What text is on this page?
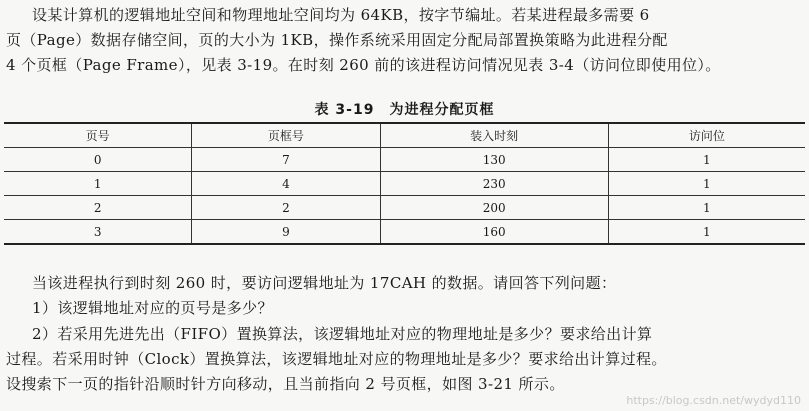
设某计算机的逻辑地址空间和物理地址空间均为 64KB，按字节编址。若某进程最多需要 6

页（Page）数据存储空间，页的大小为 1KB，操作系统采用固定分配局部置换策略为此进程分配

4 个页框（Page Frame），见表 3-19。在时刻 260 前的该进程访问情况见表 3-4（访问位即使用位）。

表 3-19　为进程分配页框
页号	页框号	装入时刻	访问位
0	7	130	1
1	4	230	1
2	2	200	1
3	9	160	1

当该进程执行到时刻 260 时，要访问逻辑地址为 17CAH 的数据。请回答下列问题：

1）该逻辑地址对应的页号是多少？

2）若采用先进先出（FIFO）置换算法，该逻辑地址对应的物理地址是多少？要求给出计算

过程。若采用时钟（Clock）置换算法，该逻辑地址对应的物理地址是多少？要求给出计算过程。

设搜索下一页的指针沿顺时针方向移动，且当前指向 2 号页框，如图 3-21 所示。

https://blog.csdn.net/wydyd110
